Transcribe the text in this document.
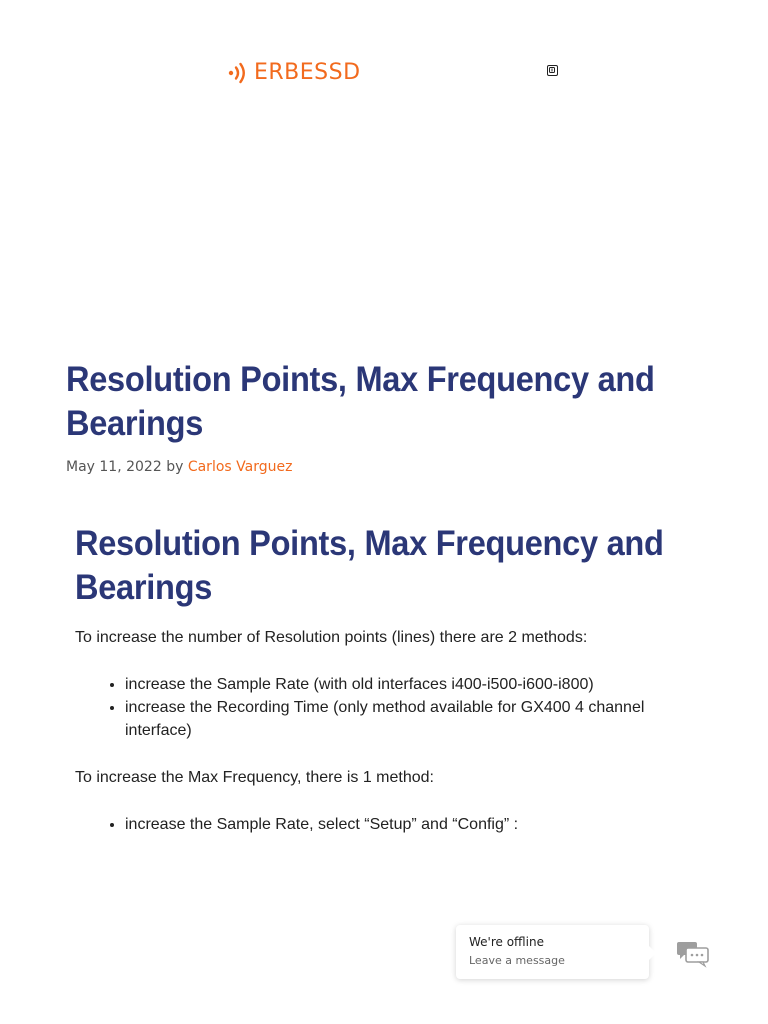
ERBESSD
Resolution Points, Max Frequency and Bearings
May 11, 2022 by Carlos Varguez
Resolution Points, Max Frequency and Bearings

To increase the number of Resolution points (lines) there are 2 methods:

• increase the Sample Rate (with old interfaces i400-i500-i600-i800)
• increase the Recording Time (only method available for GX400 4 channel interface)

To increase the Max Frequency, there is 1 method:

• increase the Sample Rate, select “Setup” and “Config” :
We're offline
Leave a message
